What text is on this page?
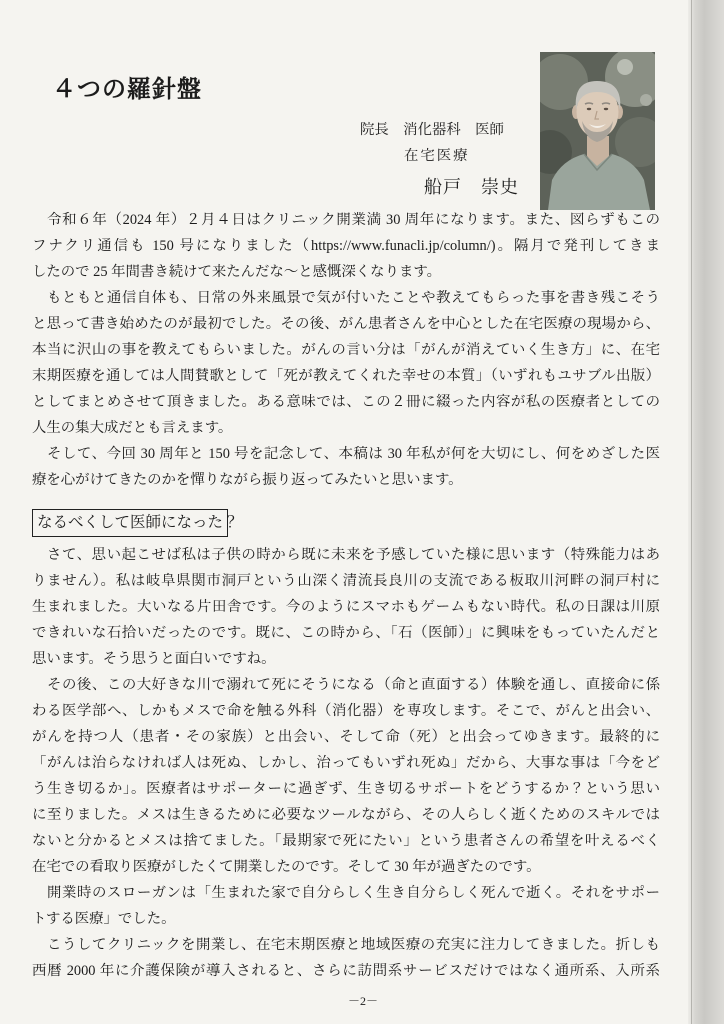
４つの羅針盤
院長　消化器科　医師
在宅医療
船戸　崇史
令和６年（2024 年）２月４日はクリニック開業満 30 周年になります。また、図らずもこの
フナクリ通信も 150 号になりました（https://www.funacli.jp/column/)。隔月で発刊してきま
したので 25 年間書き続けて来たんだな～と感慨深くなります。
もともと通信自体も、日常の外来風景で気が付いたことや教えてもらった事を書き残こそう
と思って書き始めたのが最初でした。その後、がん患者さんを中心とした在宅医療の現場から、
本当に沢山の事を教えてもらいました。がんの言い分は「がんが消えていく生き方」に、在宅
末期医療を通しては人間賛歌として「死が教えてくれた幸せの本質」（いずれもユサブル出版）
としてまとめさせて頂きました。ある意味では、この２冊に綴った内容が私の医療者としての
人生の集大成だとも言えます。
そして、今回 30 周年と 150 号を記念して、本稿は 30 年私が何を大切にし、何をめざした医
療を心がけてきたのかを憚りながら振り返ってみたいと思います。
なるべくして医師になった？
さて、思い起こせば私は子供の時から既に未来を予感していた様に思います（特殊能力はあ
りません）。私は岐阜県関市洞戸という山深く清流長良川の支流である板取川河畔の洞戸村に
生まれました。大いなる片田舎です。今のようにスマホもゲームもない時代。私の日課は川原
できれいな石拾いだったのです。既に、この時から、「石（医師）」に興味をもっていたんだと
思います。そう思うと面白いですね。
その後、この大好きな川で溺れて死にそうになる（命と直面する）体験を通し、直接命に係
わる医学部へ、しかもメスで命を触る外科（消化器）を専攻します。そこで、がんと出会い、
がんを持つ人（患者・その家族）と出会い、そして命（死）と出会ってゆきます。最終的に
「がんは治らなければ人は死ぬ、しかし、治ってもいずれ死ぬ」だから、大事な事は「今をど
う生き切るか」。医療者はサポーターに過ぎず、生き切るサポートをどうするか？という思い
に至りました。メスは生きるために必要なツールながら、その人らしく逝くためのスキルでは
ないと分かるとメスは捨てました。「最期家で死にたい」という患者さんの希望を叶えるべく
在宅での看取り医療がしたくて開業したのです。そして 30 年が過ぎたのです。
開業時のスローガンは「生まれた家で自分らしく生き自分らしく死んで逝く。それをサポー
トする医療」でした。
こうしてクリニックを開業し、在宅末期医療と地域医療の充実に注力してきました。折しも
西暦 2000 年に介護保険が導入されると、さらに訪問系サービスだけではなく通所系、入所系
－2－
